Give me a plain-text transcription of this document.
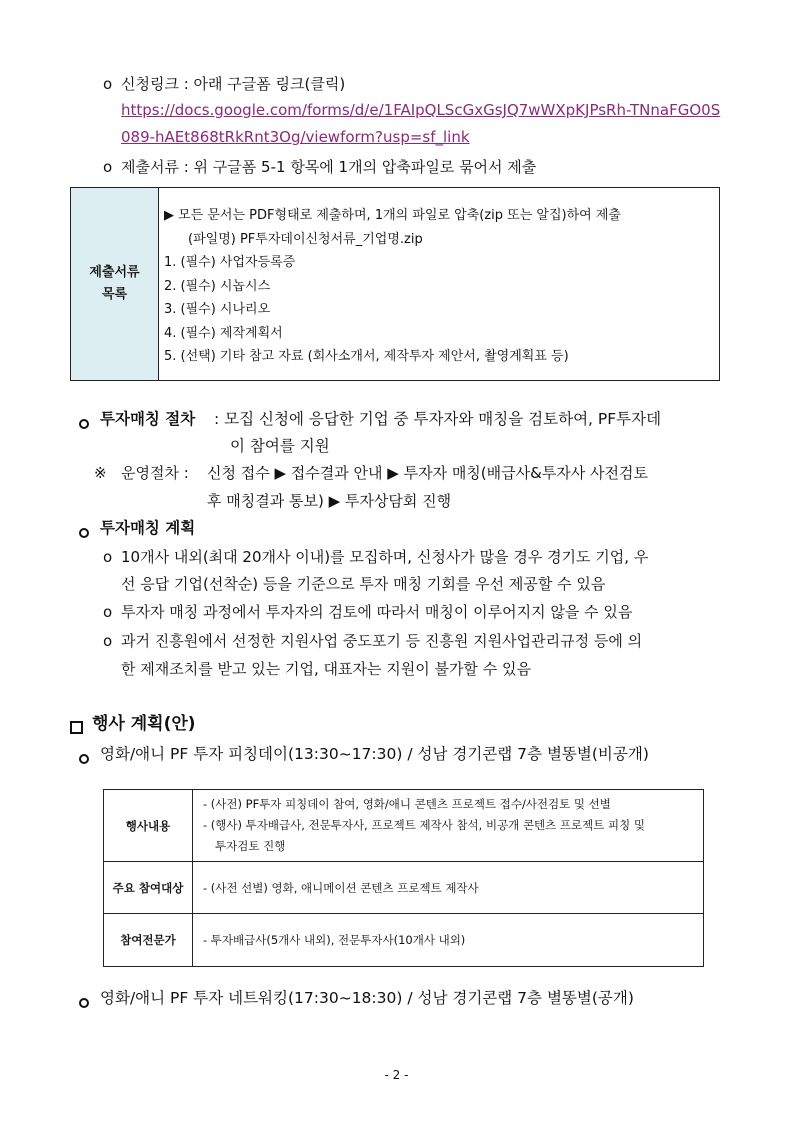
o 신청링크 : 아래 구글폼 링크(클릭)
https://docs.google.com/forms/d/e/1FAIpQLScGxGsJQ7wWXpKJPsRh-TNnaFGO0S
089-hAEt868tRkRnt3Og/viewform?usp=sf_link
o 제출서류 : 위 구글폼 5-1 항목에 1개의 압축파일로 묶어서 제출
제출서류
목록
▶ 모든 문서는 PDF형태로 제출하며, 1개의 파일로 압축(zip 또는 알집)하여 제출
(파일명) PF투자데이신청서류_기업명.zip
1. (필수) 사업자등록증
2. (필수) 시놉시스
3. (필수) 시나리오
4. (필수) 제작계획서
5. (선택) 기타 참고 자료 (회사소개서, 제작투자 제안서, 촬영계획표 등)
투자매칭 절차 : 모집 신청에 응답한 기업 중 투자자와 매칭을 검토하여, PF투자데
이 참여를 지원
※ 운영절차 : 신청 접수 ▶ 접수결과 안내 ▶ 투자자 매칭(배급사&투자사 사전검토
후 매칭결과 통보) ▶ 투자상담회 진행
투자매칭 계획
o 10개사 내외(최대 20개사 이내)를 모집하며, 신청사가 많을 경우 경기도 기업, 우
선 응답 기업(선착순) 등을 기준으로 투자 매칭 기회를 우선 제공할 수 있음
o 투자자 매칭 과정에서 투자자의 검토에 따라서 매칭이 이루어지지 않을 수 있음
o 과거 진흥원에서 선정한 지원사업 중도포기 등 진흥원 지원사업관리규정 등에 의
한 제재조치를 받고 있는 기업, 대표자는 지원이 불가할 수 있음
행사 계획(안)
영화/애니 PF 투자 피칭데이(13:30~17:30) / 성남 경기콘랩 7층 별똥별(비공개)
행사내용
- (사전) PF투자 피칭데이 참여, 영화/애니 콘텐츠 프로젝트 접수/사전검토 및 선별
- (행사) 투자배급사, 전문투자사, 프로젝트 제작사 참석, 비공개 콘텐츠 프로젝트 피칭 및
투자검토 진행
주요 참여대상	- (사전 선별) 영화, 애니메이션 콘텐츠 프로젝트 제작사
참여전문가	- 투자배급사(5개사 내외), 전문투자사(10개사 내외)
영화/애니 PF 투자 네트워킹(17:30~18:30) / 성남 경기콘랩 7층 별똥별(공개)
- 2 -
